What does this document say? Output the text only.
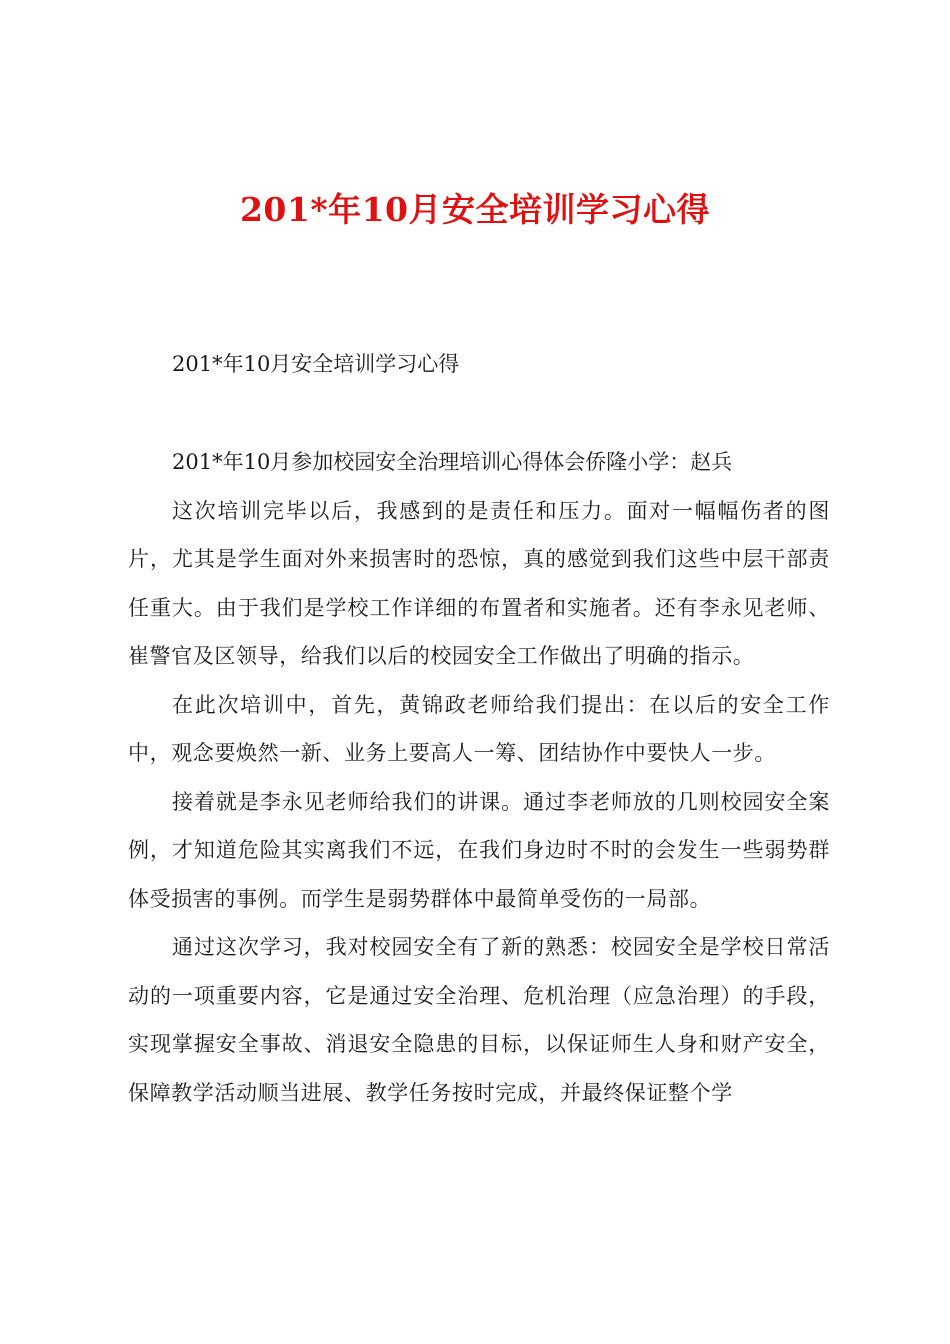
201*年10月安全培训学习心得

201*年10月安全培训学习心得

201*年10月参加校园安全治理培训心得体会侨隆小学：赵兵

这次培训完毕以后，我感到的是责任和压力。面对一幅幅伤者的图片，尤其是学生面对外来损害时的恐惊，真的感觉到我们这些中层干部责任重大。由于我们是学校工作详细的布置者和实施者。还有李永见老师、崔警官及区领导，给我们以后的校园安全工作做出了明确的指示。

在此次培训中，首先，黄锦政老师给我们提出：在以后的安全工作中，观念要焕然一新、业务上要高人一筹、团结协作中要快人一步。

接着就是李永见老师给我们的讲课。通过李老师放的几则校园安全案例，才知道危险其实离我们不远，在我们身边时不时的会发生一些弱势群体受损害的事例。而学生是弱势群体中最简单受伤的一局部。

通过这次学习，我对校园安全有了新的熟悉：校园安全是学校日常活动的一项重要内容，它是通过安全治理、危机治理（应急治理）的手段，实现掌握安全事故、消退安全隐患的目标，以保证师生人身和财产安全，保障教学活动顺当进展、教学任务按时完成，并最终保证整个学
